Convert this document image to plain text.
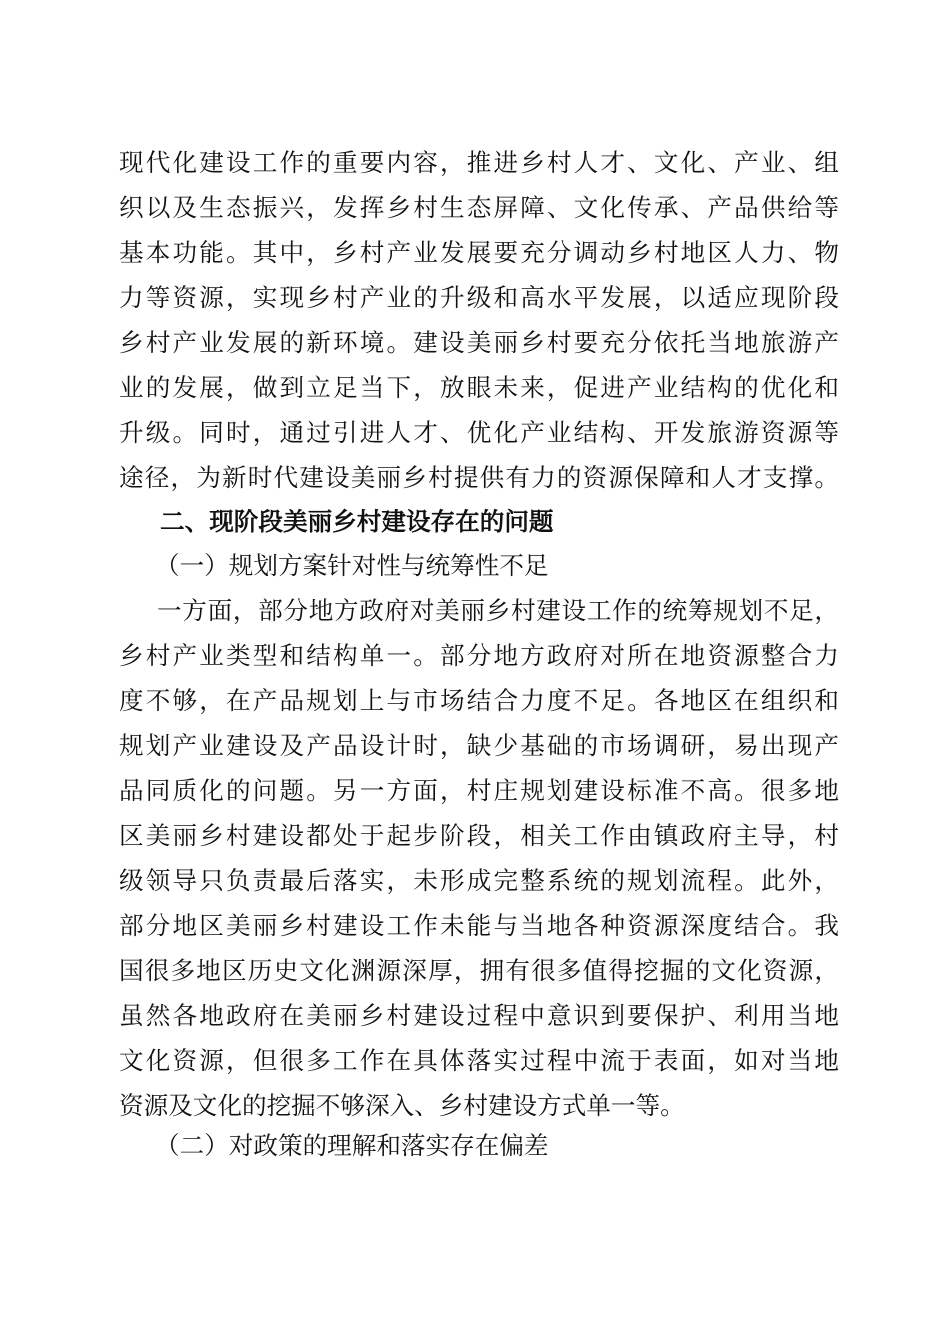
现代化建设工作的重要内容，推进乡村人才、文化、产业、组
织以及生态振兴，发挥乡村生态屏障、文化传承、产品供给等
基本功能。其中，乡村产业发展要充分调动乡村地区人力、物
力等资源，实现乡村产业的升级和高水平发展，以适应现阶段
乡村产业发展的新环境。建设美丽乡村要充分依托当地旅游产
业的发展，做到立足当下，放眼未来，促进产业结构的优化和
升级。同时，通过引进人才、优化产业结构、开发旅游资源等
途径，为新时代建设美丽乡村提供有力的资源保障和人才支撑。
二、现阶段美丽乡村建设存在的问题
（一）规划方案针对性与统筹性不足
一方面，部分地方政府对美丽乡村建设工作的统筹规划不足，
乡村产业类型和结构单一。部分地方政府对所在地资源整合力
度不够，在产品规划上与市场结合力度不足。各地区在组织和
规划产业建设及产品设计时，缺少基础的市场调研，易出现产
品同质化的问题。另一方面，村庄规划建设标准不高。很多地
区美丽乡村建设都处于起步阶段，相关工作由镇政府主导，村
级领导只负责最后落实，未形成完整系统的规划流程。此外，
部分地区美丽乡村建设工作未能与当地各种资源深度结合。我
国很多地区历史文化渊源深厚，拥有很多值得挖掘的文化资源，
虽然各地政府在美丽乡村建设过程中意识到要保护、利用当地
文化资源，但很多工作在具体落实过程中流于表面，如对当地
资源及文化的挖掘不够深入、乡村建设方式单一等。
（二）对政策的理解和落实存在偏差
